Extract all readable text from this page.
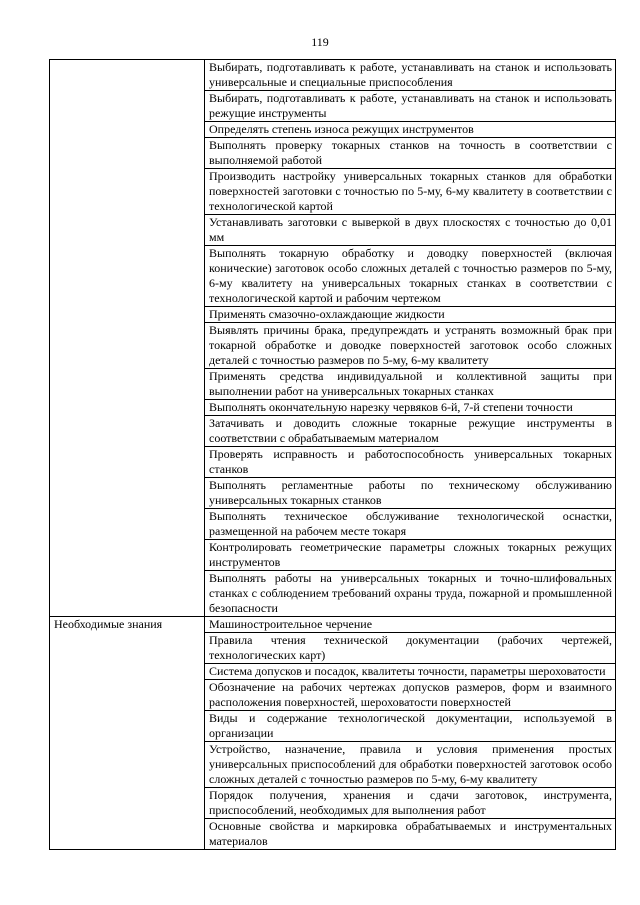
119
	Выбирать, подготавливать к работе, устанавливать на станок и использовать универсальные и специальные приспособления
	Выбирать, подготавливать к работе, устанавливать на станок и использовать режущие инструменты
	Определять степень износа режущих инструментов
	Выполнять проверку токарных станков на точность в соответствии с выполняемой работой
	Производить настройку универсальных токарных станков для обработки поверхностей заготовки с точностью по 5-му, 6-му квалитету в соответствии с технологической картой
	Устанавливать заготовки с выверкой в двух плоскостях с точностью до 0,01 мм
	Выполнять токарную обработку и доводку поверхностей (включая конические) заготовок особо сложных деталей с точностью размеров по 5-му, 6-му квалитету на универсальных токарных станках в соответствии с технологической картой и рабочим чертежом
	Применять смазочно-охлаждающие жидкости
	Выявлять причины брака, предупреждать и устранять возможный брак при токарной обработке и доводке поверхностей заготовок особо сложных деталей с точностью размеров по 5-му, 6-му квалитету
	Применять средства индивидуальной и коллективной защиты при выполнении работ на универсальных токарных станках
	Выполнять окончательную нарезку червяков 6-й, 7-й степени точности
	Затачивать и доводить сложные токарные режущие инструменты в соответствии с обрабатываемым материалом
	Проверять исправность и работоспособность универсальных токарных станков
	Выполнять регламентные работы по техническому обслуживанию универсальных токарных станков
	Выполнять техническое обслуживание технологической оснастки, размещенной на рабочем месте токаря
	Контролировать геометрические параметры сложных токарных режущих инструментов
	Выполнять работы на универсальных токарных и точно-шлифовальных станках с соблюдением требований охраны труда, пожарной и промышленной безопасности
Необходимые знания	Машиностроительное черчение
	Правила чтения технической документации (рабочих чертежей, технологических карт)
	Система допусков и посадок, квалитеты точности, параметры шероховатости
	Обозначение на рабочих чертежах допусков размеров, форм и взаимного расположения поверхностей, шероховатости поверхностей
	Виды и содержание технологической документации, используемой в организации
	Устройство, назначение, правила и условия применения простых универсальных приспособлений для обработки поверхностей заготовок особо сложных деталей с точностью размеров по 5-му, 6-му квалитету
	Порядок получения, хранения и сдачи заготовок, инструмента, приспособлений, необходимых для выполнения работ
	Основные свойства и маркировка обрабатываемых и инструментальных материалов
